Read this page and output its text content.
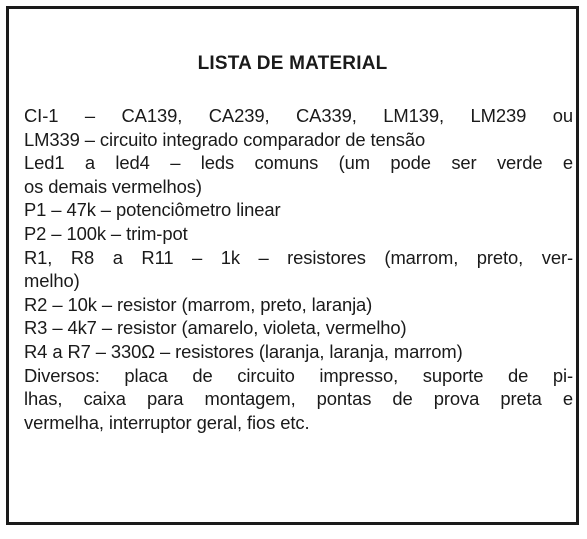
LISTA DE MATERIAL
CI-1 – CA139, CA239, CA339, LM139, LM239 ou
LM339 – circuito integrado comparador de tensão
Led1 a led4 – leds comuns (um pode ser verde e
os demais vermelhos)
P1 – 47k – potenciômetro linear
P2 – 100k – trim-pot
R1, R8 a R11 – 1k – resistores (marrom, preto, ver-
melho)
R2 – 10k – resistor (marrom, preto, laranja)
R3 – 4k7 – resistor (amarelo, violeta, vermelho)
R4 a R7 – 330Ω – resistores (laranja, laranja, marrom)
Diversos: placa de circuito impresso, suporte de pi-
lhas, caixa para montagem, pontas de prova preta e
vermelha, interruptor geral, fios etc.
